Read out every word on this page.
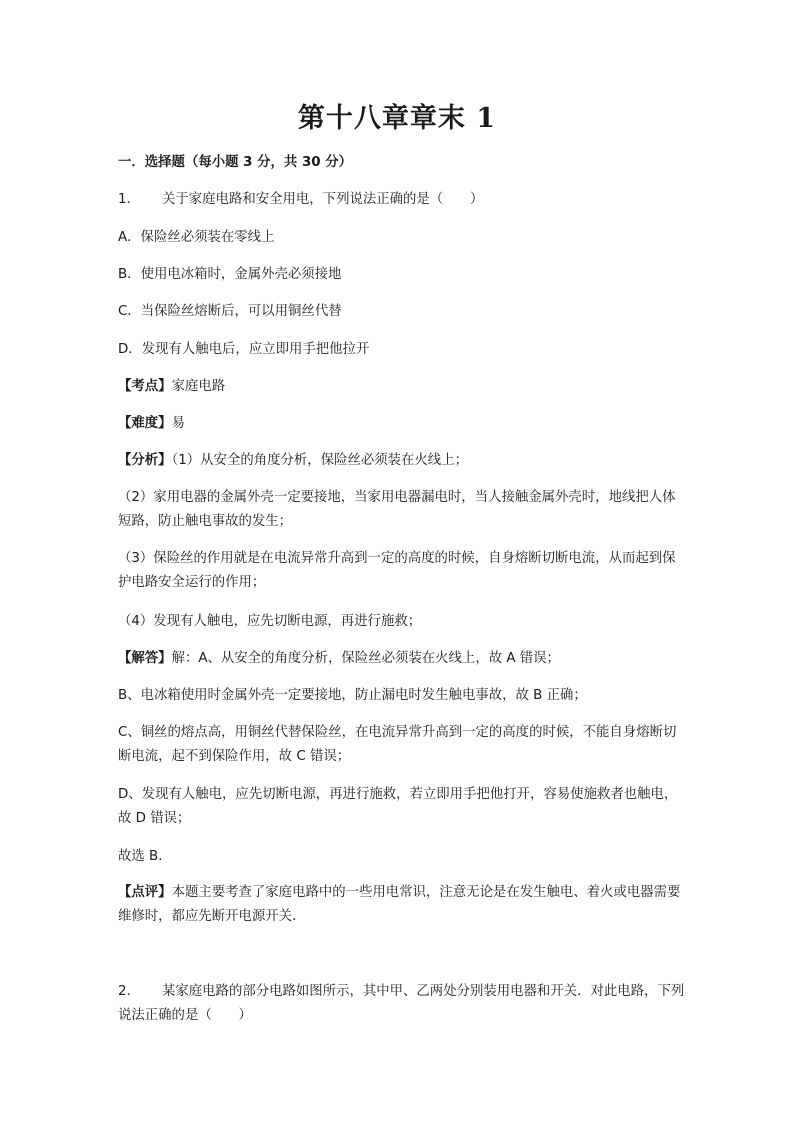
第十八章章末 1

一．选择题（每小题 3 分，共 30 分）

1． 关于家庭电路和安全用电，下列说法正确的是（　　）

A．保险丝必须装在零线上

B．使用电冰箱时，金属外壳必须接地

C．当保险丝熔断后，可以用铜丝代替

D．发现有人触电后，应立即用手把他拉开

【考点】家庭电路

【难度】易

【分析】（1）从安全的角度分析，保险丝必须装在火线上；

（2）家用电器的金属外壳一定要接地，当家用电器漏电时，当人接触金属外壳时，地线把人体短路，防止触电事故的发生；

（3）保险丝的作用就是在电流异常升高到一定的高度的时候，自身熔断切断电流，从而起到保护电路安全运行的作用；

（4）发现有人触电，应先切断电源，再进行施救；

【解答】解：A、从安全的角度分析，保险丝必须装在火线上，故 A 错误；

B、电冰箱使用时金属外壳一定要接地，防止漏电时发生触电事故，故 B 正确；

C、铜丝的熔点高，用铜丝代替保险丝，在电流异常升高到一定的高度的时候，不能自身熔断切断电流，起不到保险作用，故 C 错误；

D、发现有人触电，应先切断电源，再进行施救，若立即用手把他打开，容易使施救者也触电，故 D 错误；

故选 B．

【点评】本题主要考查了家庭电路中的一些用电常识，注意无论是在发生触电、着火或电器需要维修时，都应先断开电源开关．

2． 某家庭电路的部分电路如图所示，其中甲、乙两处分别装用电器和开关．对此电路，下列说法正确的是（　　）
